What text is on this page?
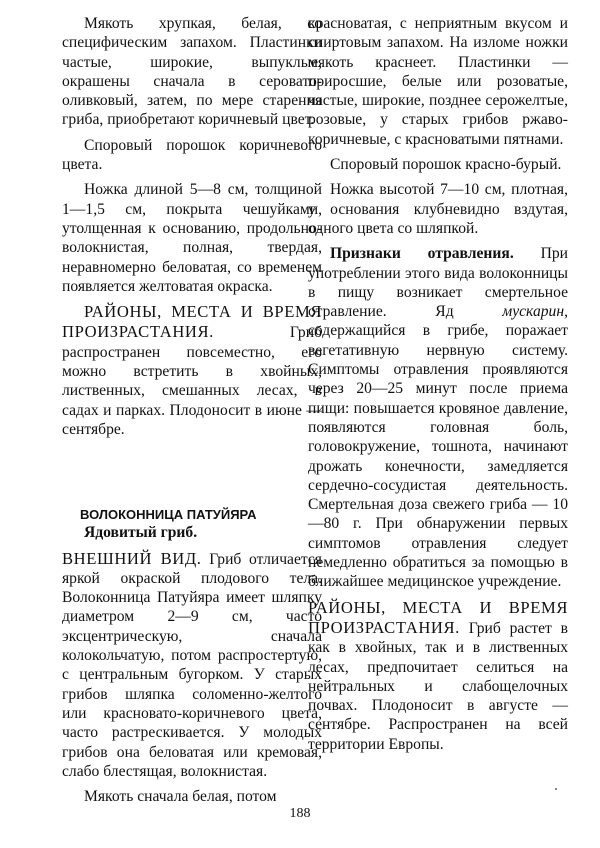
Мякоть хрупкая, белая, со специфическим запахом. Пластинки частые, широкие, выпуклые, окрашены сначала в серовато-оливковый, затем, по мере старения гриба, приобретают коричневый цвет.

Споровый порошок коричневого цвета.

Ножка длиной 5—8 см, толщиной 1—1,5 см, покрыта чешуйками, утолщенная к основанию, продольно-волокнистая, полная, твердая, неравномерно беловатая, со временем появляется желтоватая окраска.

РАЙОНЫ, МЕСТА И ВРЕМЯ ПРОИЗРАСТАНИЯ. Гриб распространен повсеместно, его можно встретить в хвойных, лиственных, смешанных лесах, в садах и парках. Плодоносит в июне — сентябре.

ВОЛОКОННИЦА ПАТУЙЯРА

Ядовитый гриб.

ВНЕШНИЙ ВИД. Гриб отличается яркой окраской плодового тела. Волоконница Патуйяра имеет шляпку диаметром 2—9 см, часто эксцентрическую, сначала колокольчатую, потом распростертую, с центральным бугорком. У старых грибов шляпка соломенно-желтого или красновато-коричневого цвета, часто растрескивается. У молодых грибов она беловатая или кремовая, слабо блестящая, волокнистая.

Мякоть сначала белая, потом

красноватая, с неприятным вкусом и спиртовым запахом. На изломе ножки мякоть краснеет. Пластинки — приросшие, белые или розоватые, частые, широкие, позднее серожелтые, розовые, у старых грибов ржаво-коричневые, с красноватыми пятнами.

Споровый порошок красно-бурый.

Ножка высотой 7—10 см, плотная, у основания клубневидно вздутая, одного цвета со шляпкой.

Признаки отравления. При употреблении этого вида волоконницы в пищу возникает смертельное отравление. Яд мускарин, содержащийся в грибе, поражает вегетативную нервную систему. Симптомы отравления проявляются через 20—25 минут после приема пищи: повышается кровяное давление, появляются головная боль, головокружение, тошнота, начинают дрожать конечности, замедляется сердечно-сосудистая деятельность. Смертельная доза свежего гриба — 10—80 г. При обнаружении первых симптомов отравления следует немедленно обратиться за помощью в ближайшее медицинское учреждение.

РАЙОНЫ, МЕСТА И ВРЕМЯ ПРОИЗРАСТАНИЯ. Гриб растет в как в хвойных, так и в лиственных лесах, предпочитает селиться на нейтральных и слабощелочных почвах. Плодоносит в августе — сентябре. Распространен на всей территории Европы.

188
